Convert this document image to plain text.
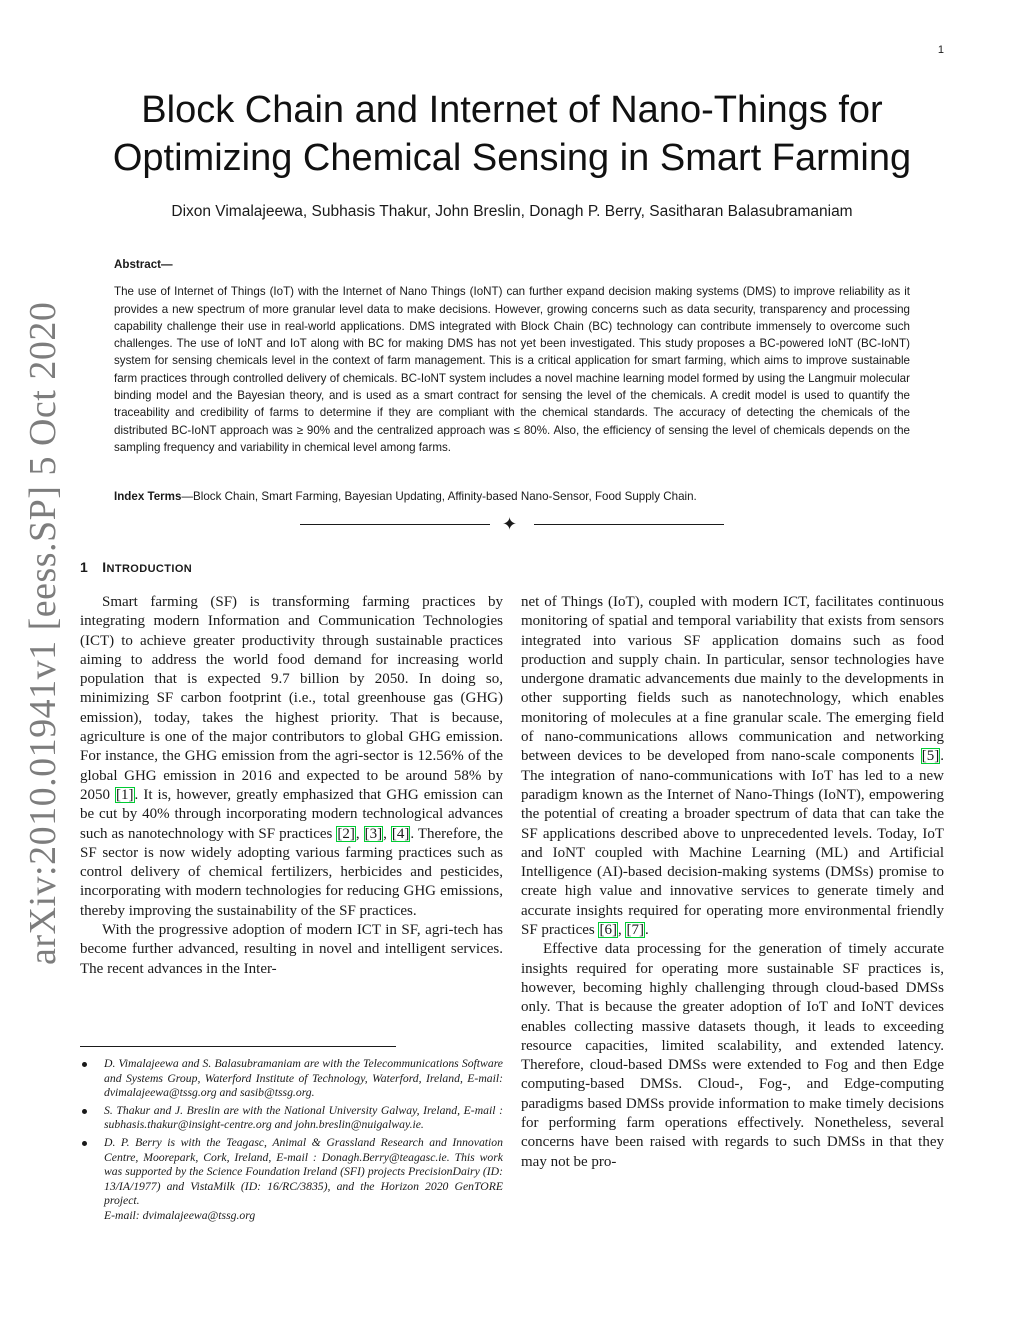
1
arXiv:2010.01941v1 [eess.SP] 5 Oct 2020
Block Chain and Internet of Nano-Things for Optimizing Chemical Sensing in Smart Farming
Dixon Vimalajeewa, Subhasis Thakur, John Breslin, Donagh P. Berry, Sasitharan Balasubramaniam
Abstract—
The use of Internet of Things (IoT) with the Internet of Nano Things (IoNT) can further expand decision making systems (DMS) to improve reliability as it provides a new spectrum of more granular level data to make decisions. However, growing concerns such as data security, transparency and processing capability challenge their use in real-world applications. DMS integrated with Block Chain (BC) technology can contribute immensely to overcome such challenges. The use of IoNT and IoT along with BC for making DMS has not yet been investigated. This study proposes a BC-powered IoNT (BC-IoNT) system for sensing chemicals level in the context of farm management. This is a critical application for smart farming, which aims to improve sustainable farm practices through controlled delivery of chemicals. BC-IoNT system includes a novel machine learning model formed by using the Langmuir molecular binding model and the Bayesian theory, and is used as a smart contract for sensing the level of the chemicals. A credit model is used to quantify the traceability and credibility of farms to determine if they are compliant with the chemical standards. The accuracy of detecting the chemicals of the distributed BC-IoNT approach was ≥ 90% and the centralized approach was ≤ 80%. Also, the efficiency of sensing the level of chemicals depends on the sampling frequency and variability in chemical level among farms.
Index Terms—Block Chain, Smart Farming, Bayesian Updating, Affinity-based Nano-Sensor, Food Supply Chain.
✦
1 INTRODUCTION

Smart farming (SF) is transforming farming practices by integrating modern Information and Communication Technologies (ICT) to achieve greater productivity through sustainable practices aiming to address the world food demand for increasing world population that is expected 9.7 billion by 2050. In doing so, minimizing SF carbon footprint (i.e., total greenhouse gas (GHG) emission), today, takes the highest priority. That is because, agriculture is one of the major contributors to global GHG emission. For instance, the GHG emission from the agri-sector is 12.56% of the global GHG emission in 2016 and expected to be around 58% by 2050 [1]. It is, however, greatly emphasized that GHG emission can be cut by 40% through incorporating modern technological advances such as nanotechnology with SF practices [2], [3], [4]. Therefore, the SF sector is now widely adopting various farming practices such as control delivery of chemical fertilizers, herbicides and pesticides, incorporating with modern technologies for reducing GHG emissions, thereby improving the sustainability of the SF practices.

With the progressive adoption of modern ICT in SF, agri-tech has become further advanced, resulting in novel and intelligent services. The recent advances in the Inter-

net of Things (IoT), coupled with modern ICT, facilitates continuous monitoring of spatial and temporal variability that exists from sensors integrated into various SF application domains such as food production and supply chain. In particular, sensor technologies have undergone dramatic advancements due mainly to the developments in other supporting fields such as nanotechnology, which enables monitoring of molecules at a fine granular scale. The emerging field of nano-communications allows communication and networking between devices to be developed from nano-scale components [5]. The integration of nano-communications with IoT has led to a new paradigm known as the Internet of Nano-Things (IoNT), empowering the potential of creating a broader spectrum of data that can take the SF applications described above to unprecedented levels. Today, IoT and IoNT coupled with Machine Learning (ML) and Artificial Intelligence (AI)-based decision-making systems (DMSs) promise to create high value and innovative services to generate timely and accurate insights required for operating more environmental friendly SF practices [6], [7].

Effective data processing for the generation of timely accurate insights required for operating more sustainable SF practices is, however, becoming highly challenging through cloud-based DMSs only. That is because the greater adoption of IoT and IoNT devices enables collecting massive datasets though, it leads to exceeding resource capacities, limited scalability, and extended latency. Therefore, cloud-based DMSs were extended to Fog and then Edge computing-based DMSs. Cloud-, Fog-, and Edge-computing paradigms based DMSs provide information to make timely decisions for performing farm operations effectively. Nonetheless, several concerns have been raised with regards to such DMSs in that they may not be pro-

D. Vimalajeewa and S. Balasubramaniam are with the Telecommunications Software and Systems Group, Waterford Institute of Technology, Waterford, Ireland, E-mail: dvimalajeewa@tssg.org and sasib@tssg.org.
S. Thakur and J. Breslin are with the National University Galway, Ireland, E-mail : subhasis.thakur@insight-centre.org and john.breslin@nuigalway.ie.
D. P. Berry is with the Teagasc, Animal & Grassland Research and Innovation Centre, Moorepark, Cork, Ireland, E-mail : Donagh.Berry@teagasc.ie. This work was supported by the Science Foundation Ireland (SFI) projects PrecisionDairy (ID: 13/IA/1977) and VistaMilk (ID: 16/RC/3835), and the Horizon 2020 GenTORE project.
E-mail: dvimalajeewa@tssg.org
